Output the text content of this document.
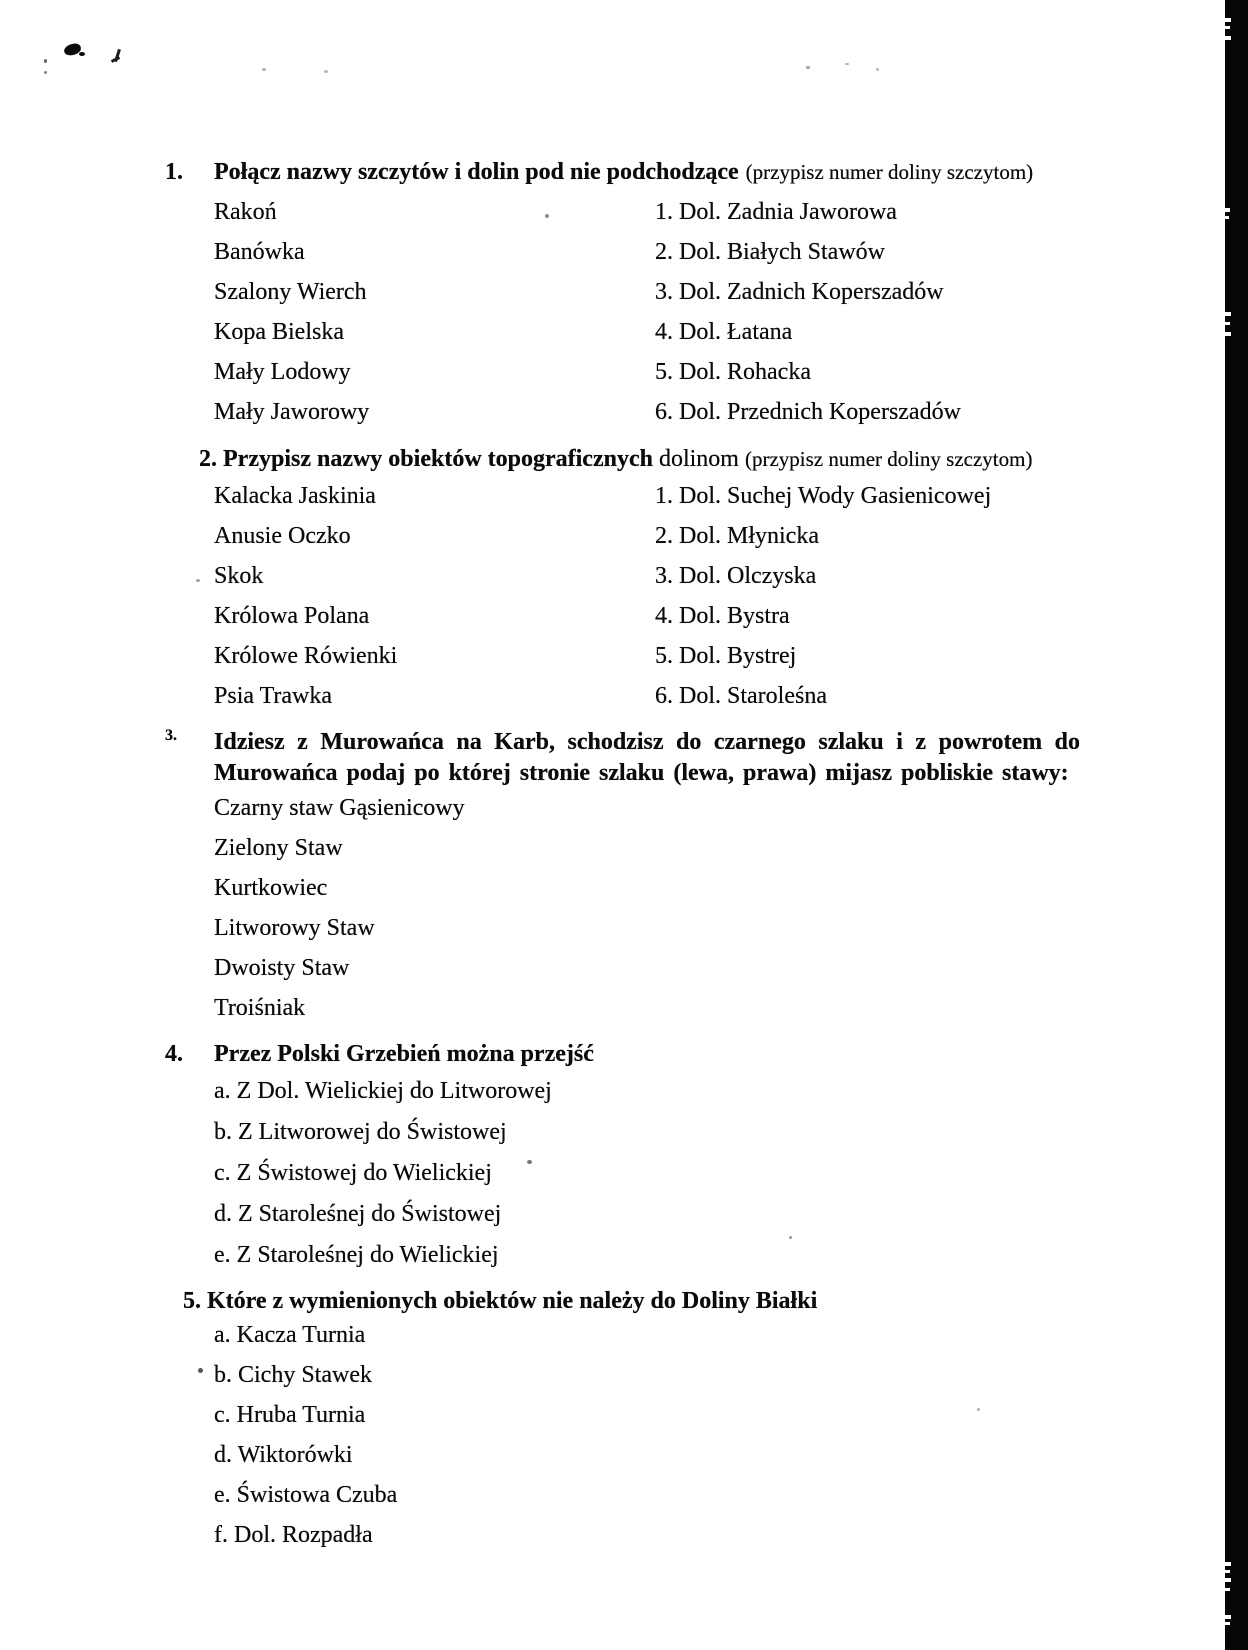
1.	Połącz nazwy szczytów i dolin pod nie podchodzące (przypisz numer doliny szczytom)
Rakoń	1. Dol. Zadnia Jaworowa
Banówka	2. Dol. Białych Stawów
Szalony Wierch	3. Dol. Zadnich Koperszadów
Kopa Bielska	4. Dol. Łatana
Mały Lodowy	5. Dol. Rohacka
Mały Jaworowy	6. Dol. Przednich Koperszadów
2. Przypisz nazwy obiektów topograficznych dolinom (przypisz numer doliny szczytom)
Kalacka Jaskinia	1. Dol. Suchej Wody Gasienicowej
Anusie Oczko	2. Dol. Młynicka
Skok	3. Dol. Olczyska
Królowa Polana	4. Dol. Bystra
Królowe Rówienki	5. Dol. Bystrej
Psia Trawka	6. Dol. Staroleśna
3.	Idziesz z Murowańca na Karb, schodzisz do czarnego szlaku i z powrotem do
Murowańca podaj po której stronie szlaku (lewa, prawa) mijasz pobliskie stawy:
Czarny staw Gąsienicowy
Zielony Staw
Kurtkowiec
Litworowy Staw
Dwoisty Staw
Troiśniak
4.	Przez Polski Grzebień można przejść
a. Z Dol. Wielickiej do Litworowej
b. Z Litworowej do Świstowej
c. Z Świstowej do Wielickiej
d. Z Staroleśnej do Świstowej
e. Z Staroleśnej do Wielickiej
5. Które z wymienionych obiektów nie należy do Doliny Białki
a. Kacza Turnia
b. Cichy Stawek
c. Hruba Turnia
d. Wiktorówki
e. Świstowa Czuba
f. Dol. Rozpadła
